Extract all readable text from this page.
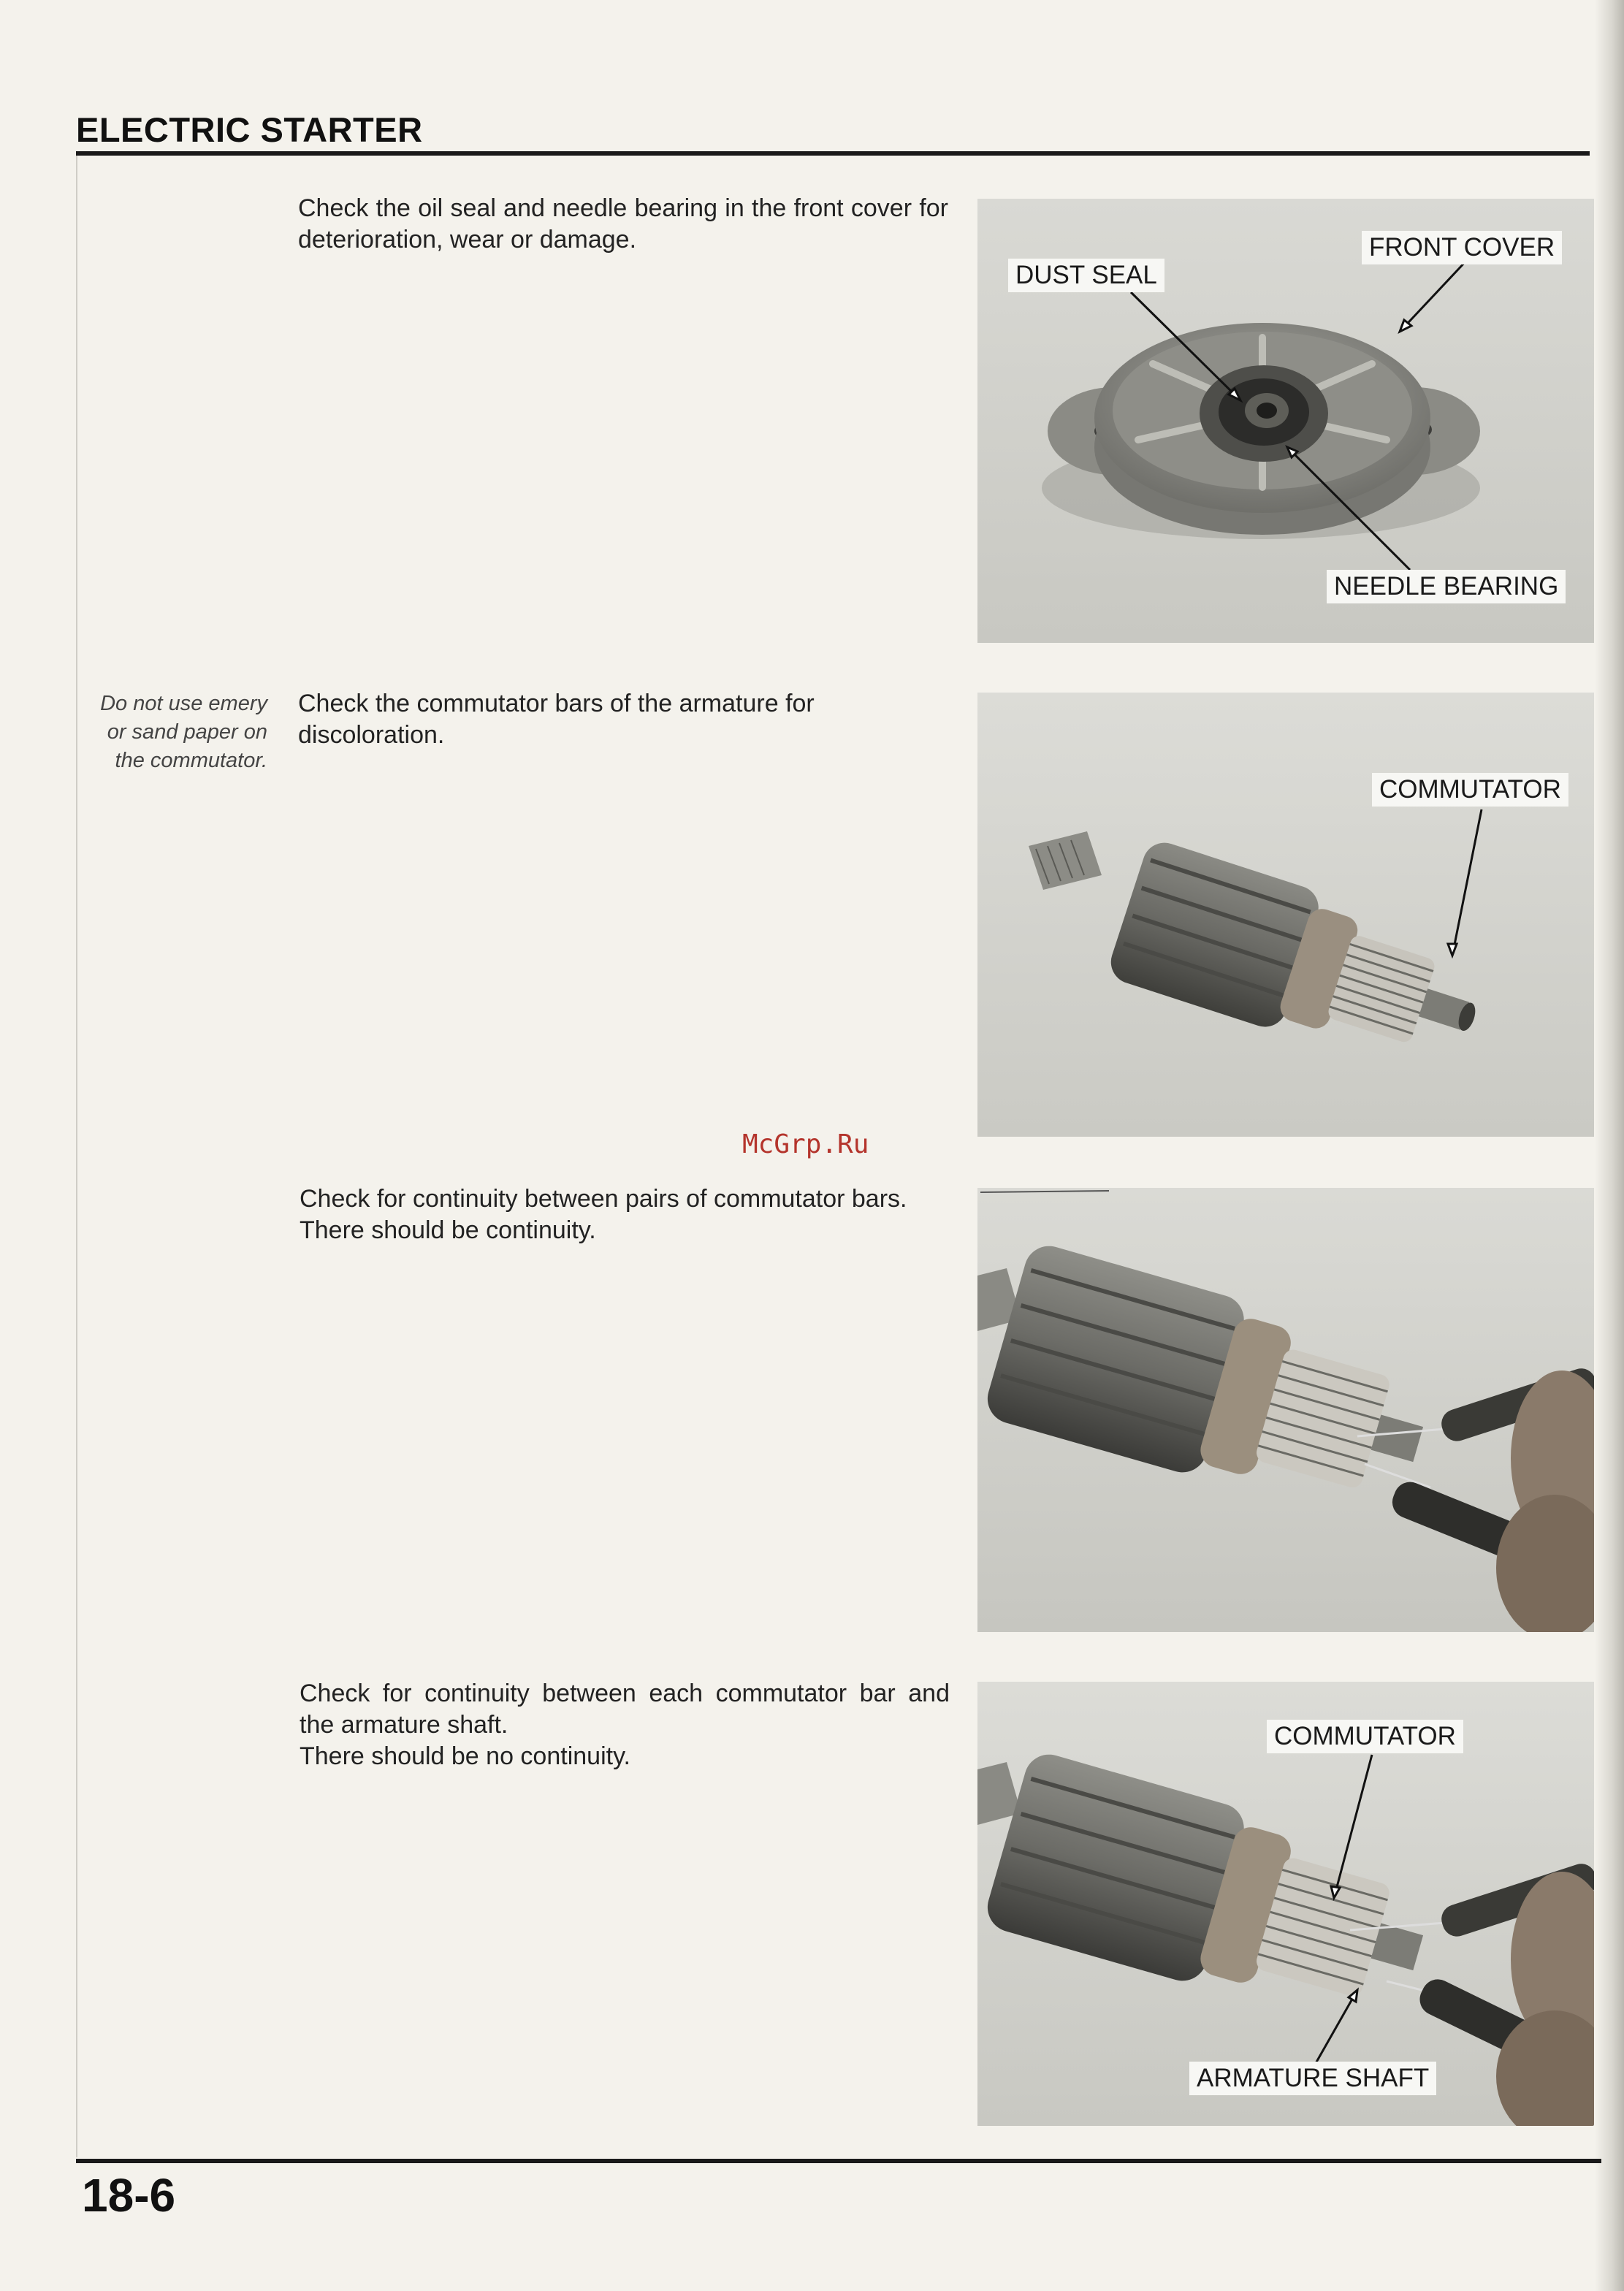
ELECTRIC STARTER

Check the oil seal and needle bearing in the front cover for deterioration, wear or damage.

Do not use emery or sand paper on the commutator.

Check the commutator bars of the armature for discoloration.

Check for continuity between pairs of commutator bars.

There should be continuity.

Check for continuity between each commutator bar and the armature shaft.

There should be no continuity.

McGrp.Ru
DUST SEAL
FRONT COVER
NEEDLE BEARING
COMMUTATOR
COMMUTATOR
ARMATURE SHAFT
18-6
